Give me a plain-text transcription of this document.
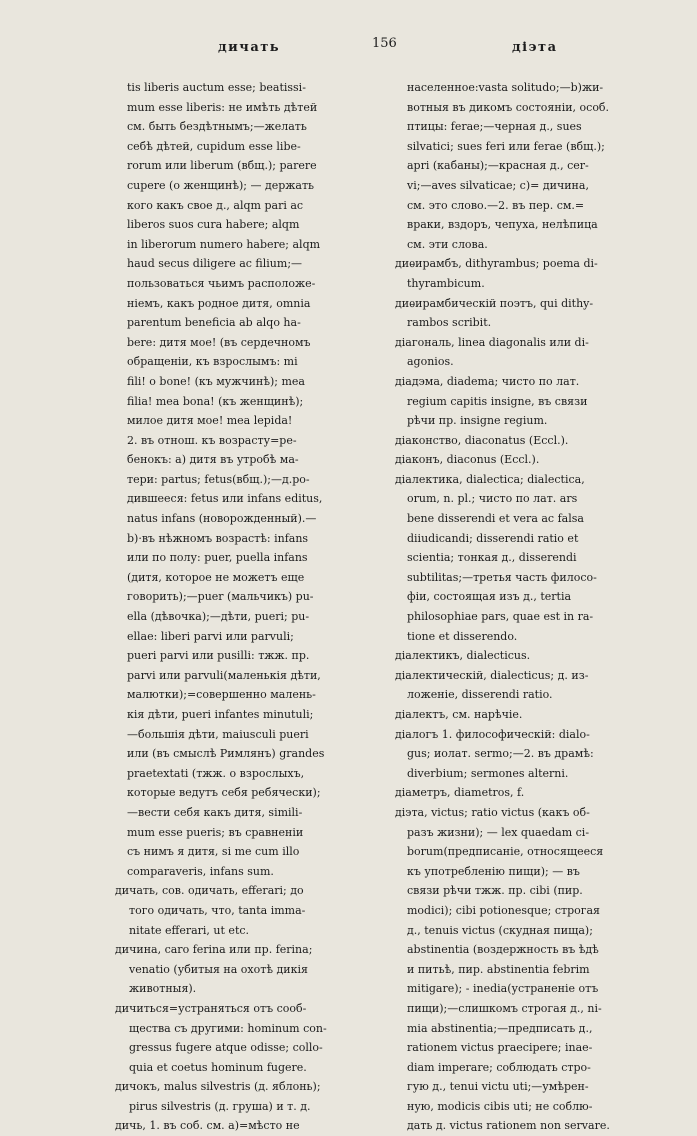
дичать	156	діэта
tis liberis auctum esse; beatissi-
mum esse liberis: не имѣть дѣтей
см. быть бездѣтнымъ;—желать
себѣ дѣтей, cupidum esse libe-
rorum или liberum (вбщ.); parere
cupere (о женщинѣ); — держать
кого какъ свое д., alqm pari ac
liberos suos cura habere; alqm
in liberorum numero habere; alqm
haud secus diligere ac filium;—
пользоваться чьимъ расположе-
ніемъ, какъ родное дитя, omnia
parentum beneficia ab alqo ha-
bere: дитя мое! (въ сердечномъ
обращеніи, къ взрослымъ: mi
fili! o bone! (къ мужчинѣ); mea
filia! mea bona! (къ женщинѣ);
милое дитя мое! mea lepida!
2. въ отнош. къ возрасту=ре-
бенокъ: a) дитя въ утробѣ ма-
тери: partus; fetus(вбщ.);—д.ро-
дившееся: fetus или infans editus,
natus infans (новорожденный).—
b)·въ нѣжномъ возрастѣ: infans
или по полу: puer, puella infans
(дитя, которое не можетъ еще
говорить);—puer (мальчикъ) pu-
ella (дѣвочка);—дѣти, pueri; pu-
ellae: liberi parvi или parvuli;
pueri parvi или pusilli: тжж. пр.
parvi или parvuli(маленькія дѣти,
малютки);=совершенно малень-
кія дѣти, pueri infantes minutuli;
—большія дѣти, maiusculi pueri
или (въ смыслѣ Римлянъ) grandes
praetextati (тжж. о взрослыхъ,
которые ведутъ себя ребячески);
—вести себя какъ дитя, simili-
mum esse pueris; въ сравненіи
съ нимъ я дитя, si me cum illo
comparaveris, infans sum.
дичать, сов. одичать, efferari; до
того одичать, что, tanta imma-
nitate efferari, ut etc.
дичина, caro ferina или пр. ferina;
venatio (убитыя на охотѣ дикія
животныя).
дичиться=устраняться отъ сооб-
щества съ другими: hominum con-
gressus fugere atque odisse; collo-
quia et coetus hominum fugere.
дичокъ, malus silvestris (д. яблонь);
pirus silvestris (д. груша) и т. д.
дичь, 1. въ соб. см. а)=мѣсто не
населенное:vasta solitudo;—b)жи-
вотныя въ дикомъ состояніи, особ.
птицы: ferae;—черная д., sues
silvatici; sues feri или ferae (вбщ.);
apri (кабаны);—красная д., cer-
vi;—aves silvaticae; c)= дичина,
см. это слово.—2. въ пер. см.=
враки, вздоръ, чепуха, нелѣпица
см. эти слова.
диѳирамбъ, dithyrambus; poema di-
thyrambicum.
диѳирамбическій поэтъ, qui dithy-
rambos scribit.
діагональ, linea diagonalis или di-
agonios.
діадэма, diadema; чисто по лат.
regium capitis insigne, въ связи
рѣчи пр. insigne regium.
діаконство, diaconatus (Eccl.).
діаконъ, diaconus (Eccl.).
діалектика, dialectica; dialectica,
orum, n. pl.; чисто по лат. ars
bene disserendi et vera ac falsa
diiudicandi; disserendi ratio et
scientia; тонкая д., disserendi
subtilitas;—третья часть филосо-
фіи, состоящая изъ д., tertia
philosophiae pars, quae est in ra-
tione et disserendo.
діалектикъ, dialecticus.
діалектическій, dialecticus; д. из-
ложеніе, disserendi ratio.
діалектъ, см. нарѣчіе.
діалогъ 1. философическій: dialo-
gus; иолат. sermo;—2. въ драмѣ:
diverbium; sermones alterni.
діаметръ, diametros, f.
діэта, victus; ratio victus (какъ об-
разъ жизни); — lex quaedam ci-
borum(предписаніе, относящееся
къ употребленію пищи); — въ
связи рѣчи тжж. пр. cibi (пир.
modici); cibi potionesque; строгая
д., tenuis victus (скудная пища);
abstinentia (воздержность въ ѣдѣ
и питьѣ, пир. abstinentia febrim
mitigare); - inedia(устраненіе отъ
пищи);—слишкомъ строгая д., ni-
mia abstinentia;—предписать д.,
rationem victus praecipere; inae-
diam imperare; соблюдать стро-
гую д., tenui victu uti;—умѣрен-
ную, modicis cibis uti; не соблю-
дать д. victus rationem non servare.
